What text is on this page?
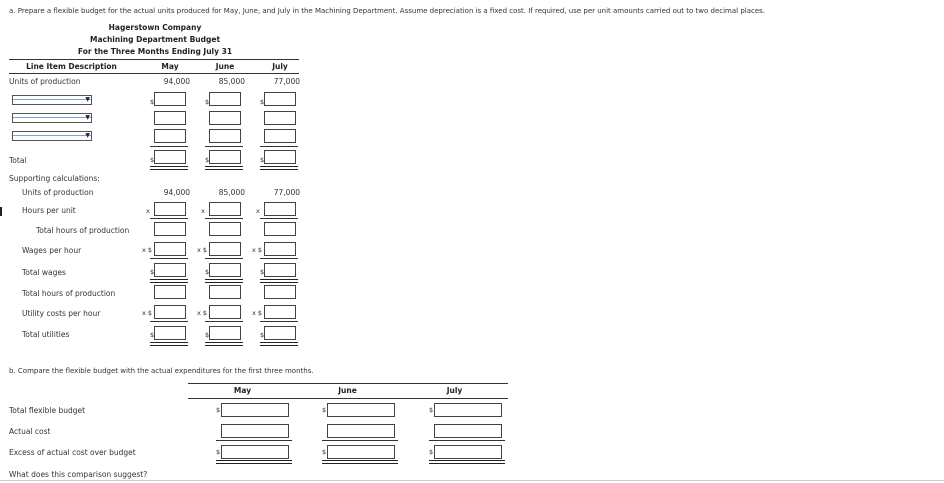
a. Prepare a flexible budget for the actual units produced for May, June, and July in the Machining Department. Assume depreciation is a fixed cost. If required, use per unit amounts carried out to two decimal places.
Hagerstown Company
Machining Department Budget
For the Three Months Ending July 31
Line Item Description	May	June	July
Units of production	94,000	85,000	77,000
▼
▼
▼
$	$	$
Total	$	$	$
Supporting calculations:
Units of production	94,000	85,000	77,000
Hours per unit	x	x	x
Total hours of production
Wages per hour	x $	x $	x $
Total wages	$	$	$
Total hours of production
Utility costs per hour	x $	x $	x $
Total utilities	$	$	$
b. Compare the flexible budget with the actual expenditures for the first three months.
May	June	July
Total flexible budget	$	$	$
Actual cost
Excess of actual cost over budget	$	$	$
What does this comparison suggest?
